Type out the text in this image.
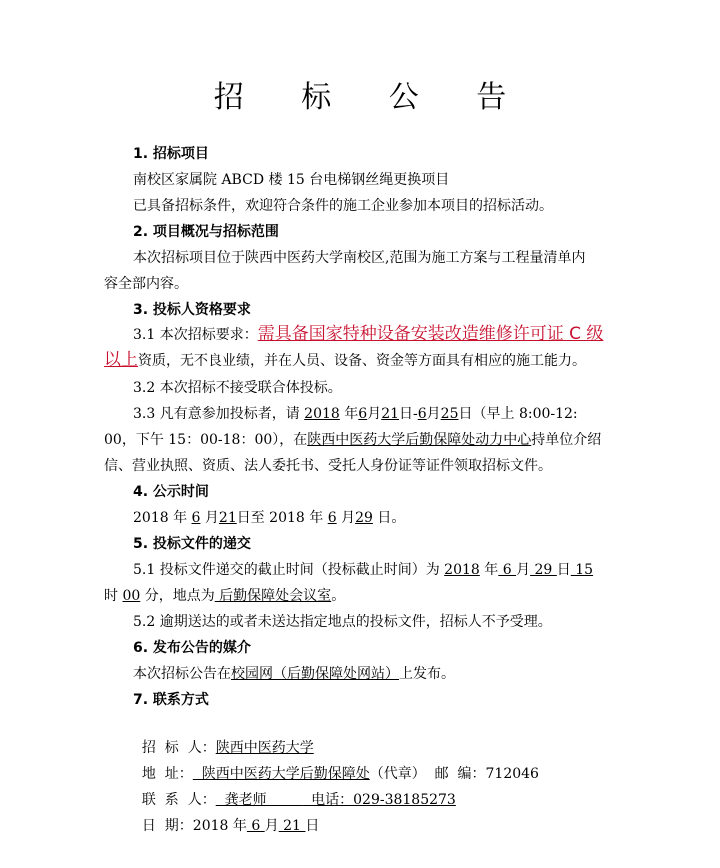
招 标 公 告
1. 招标项目
南校区家属院 ABCD 楼 15 台电梯钢丝绳更换项目
已具备招标条件，欢迎符合条件的施工企业参加本项目的招标活动。
2. 项目概况与招标范围
本次招标项目位于陕西中医药大学南校区,范围为施工方案与工程量清单内
容全部内容。
3. 投标人资格要求
3.1 本次招标要求：需具备国家特种设备安装改造维修许可证 C 级
以上资质，无不良业绩，并在人员、设备、资金等方面具有相应的施工能力。
3.2 本次招标不接受联合体投标。
3.3 凡有意参加投标者，请 2018 年6月21日-6月25日（早上 8:00-12:
00，下午 15：00-18：00），在陕西中医药大学后勤保障处动力中心持单位介绍
信、营业执照、资质、法人委托书、受托人身份证等证件领取招标文件。
4. 公示时间
2018 年 6 月21日至 2018 年 6 月29 日。
5. 投标文件的递交
5.1 投标文件递交的截止时间（投标截止时间）为 2018 年 6 月 29 日 15
时 00 分，地点为 后勤保障处会议室。
5.2 逾期送达的或者未送达指定地点的投标文件，招标人不予受理。
6. 发布公告的媒介
本次招标公告在校园网（后勤保障处网站）上发布。
7. 联系方式

招  标  人：陕西中医药大学

地  址：  陕西中医药大学后勤保障处（代章）  邮  编：712046

联  系  人：  龚老师          电话：029-38185273

日  期：2018 年 6 月 21 日
